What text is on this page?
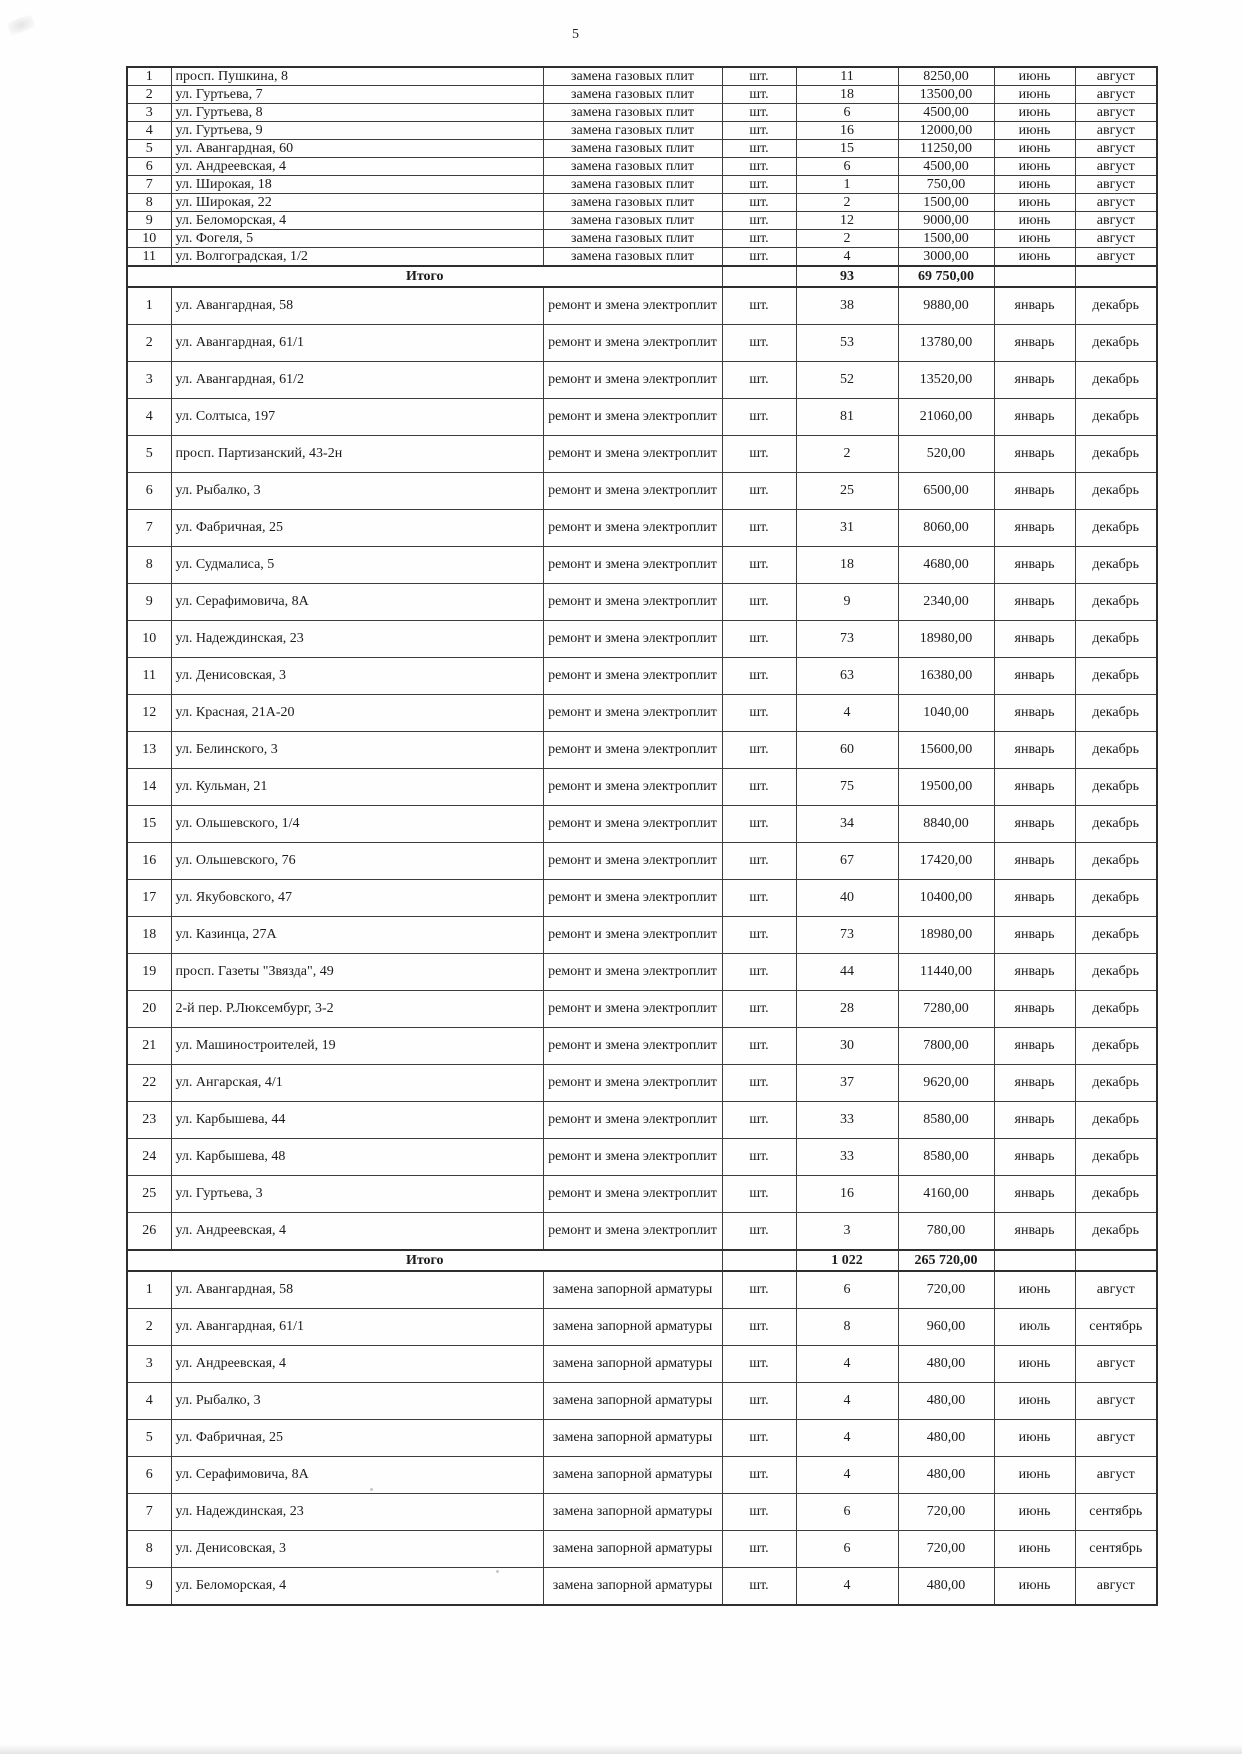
5
1	просп. Пушкина, 8	замена газовых плит	шт.	11	8250,00	июнь	август
2	ул. Гуртьева, 7	замена газовых плит	шт.	18	13500,00	июнь	август
3	ул. Гуртьева, 8	замена газовых плит	шт.	6	4500,00	июнь	август
4	ул. Гуртьева, 9	замена газовых плит	шт.	16	12000,00	июнь	август
5	ул. Авангардная, 60	замена газовых плит	шт.	15	11250,00	июнь	август
6	ул. Андреевская, 4	замена газовых плит	шт.	6	4500,00	июнь	август
7	ул. Широкая, 18	замена газовых плит	шт.	1	750,00	июнь	август
8	ул. Широкая, 22	замена газовых плит	шт.	2	1500,00	июнь	август
9	ул. Беломорская, 4	замена газовых плит	шт.	12	9000,00	июнь	август
10	ул. Фогеля, 5	замена газовых плит	шт.	2	1500,00	июнь	август
11	ул. Волгоградская, 1/2	замена газовых плит	шт.	4	3000,00	июнь	август
Итого				93	69 750,00		
1	ул. Авангардная, 58	ремонт и змена электроплит	шт.	38	9880,00	январь	декабрь
2	ул. Авангардная, 61/1	ремонт и змена электроплит	шт.	53	13780,00	январь	декабрь
3	ул. Авангардная, 61/2	ремонт и змена электроплит	шт.	52	13520,00	январь	декабрь
4	ул. Солтыса, 197	ремонт и змена электроплит	шт.	81	21060,00	январь	декабрь
5	просп. Партизанский, 43-2н	ремонт и змена электроплит	шт.	2	520,00	январь	декабрь
6	ул. Рыбалко, 3	ремонт и змена электроплит	шт.	25	6500,00	январь	декабрь
7	ул. Фабричная, 25	ремонт и змена электроплит	шт.	31	8060,00	январь	декабрь
8	ул. Судмалиса, 5	ремонт и змена электроплит	шт.	18	4680,00	январь	декабрь
9	ул. Серафимовича, 8А	ремонт и змена электроплит	шт.	9	2340,00	январь	декабрь
10	ул. Надеждинская, 23	ремонт и змена электроплит	шт.	73	18980,00	январь	декабрь
11	ул. Денисовская, 3	ремонт и змена электроплит	шт.	63	16380,00	январь	декабрь
12	ул. Красная, 21А-20	ремонт и змена электроплит	шт.	4	1040,00	январь	декабрь
13	ул. Белинского, 3	ремонт и змена электроплит	шт.	60	15600,00	январь	декабрь
14	ул. Кульман, 21	ремонт и змена электроплит	шт.	75	19500,00	январь	декабрь
15	ул. Ольшевского, 1/4	ремонт и змена электроплит	шт.	34	8840,00	январь	декабрь
16	ул. Ольшевского, 76	ремонт и змена электроплит	шт.	67	17420,00	январь	декабрь
17	ул. Якубовского, 47	ремонт и змена электроплит	шт.	40	10400,00	январь	декабрь
18	ул. Казинца, 27А	ремонт и змена электроплит	шт.	73	18980,00	январь	декабрь
19	просп. Газеты "Звязда", 49	ремонт и змена электроплит	шт.	44	11440,00	январь	декабрь
20	2-й пер. Р.Люксембург, 3-2	ремонт и змена электроплит	шт.	28	7280,00	январь	декабрь
21	ул. Машиностроителей, 19	ремонт и змена электроплит	шт.	30	7800,00	январь	декабрь
22	ул. Ангарская, 4/1	ремонт и змена электроплит	шт.	37	9620,00	январь	декабрь
23	ул. Карбышева, 44	ремонт и змена электроплит	шт.	33	8580,00	январь	декабрь
24	ул. Карбышева, 48	ремонт и змена электроплит	шт.	33	8580,00	январь	декабрь
25	ул. Гуртьева, 3	ремонт и змена электроплит	шт.	16	4160,00	январь	декабрь
26	ул. Андреевская, 4	ремонт и змена электроплит	шт.	3	780,00	январь	декабрь
Итого				1 022	265 720,00		
1	ул. Авангардная, 58	замена запорной арматуры	шт.	6	720,00	июнь	август
2	ул. Авангардная, 61/1	замена запорной арматуры	шт.	8	960,00	июль	сентябрь
3	ул. Андреевская, 4	замена запорной арматуры	шт.	4	480,00	июнь	август
4	ул. Рыбалко, 3	замена запорной арматуры	шт.	4	480,00	июнь	август
5	ул. Фабричная, 25	замена запорной арматуры	шт.	4	480,00	июнь	август
6	ул. Серафимовича, 8А	замена запорной арматуры	шт.	4	480,00	июнь	август
7	ул. Надеждинская, 23	замена запорной арматуры	шт.	6	720,00	июнь	сентябрь
8	ул. Денисовская, 3	замена запорной арматуры	шт.	6	720,00	июнь	сентябрь
9	ул. Беломорская, 4	замена запорной арматуры	шт.	4	480,00	июнь	август
